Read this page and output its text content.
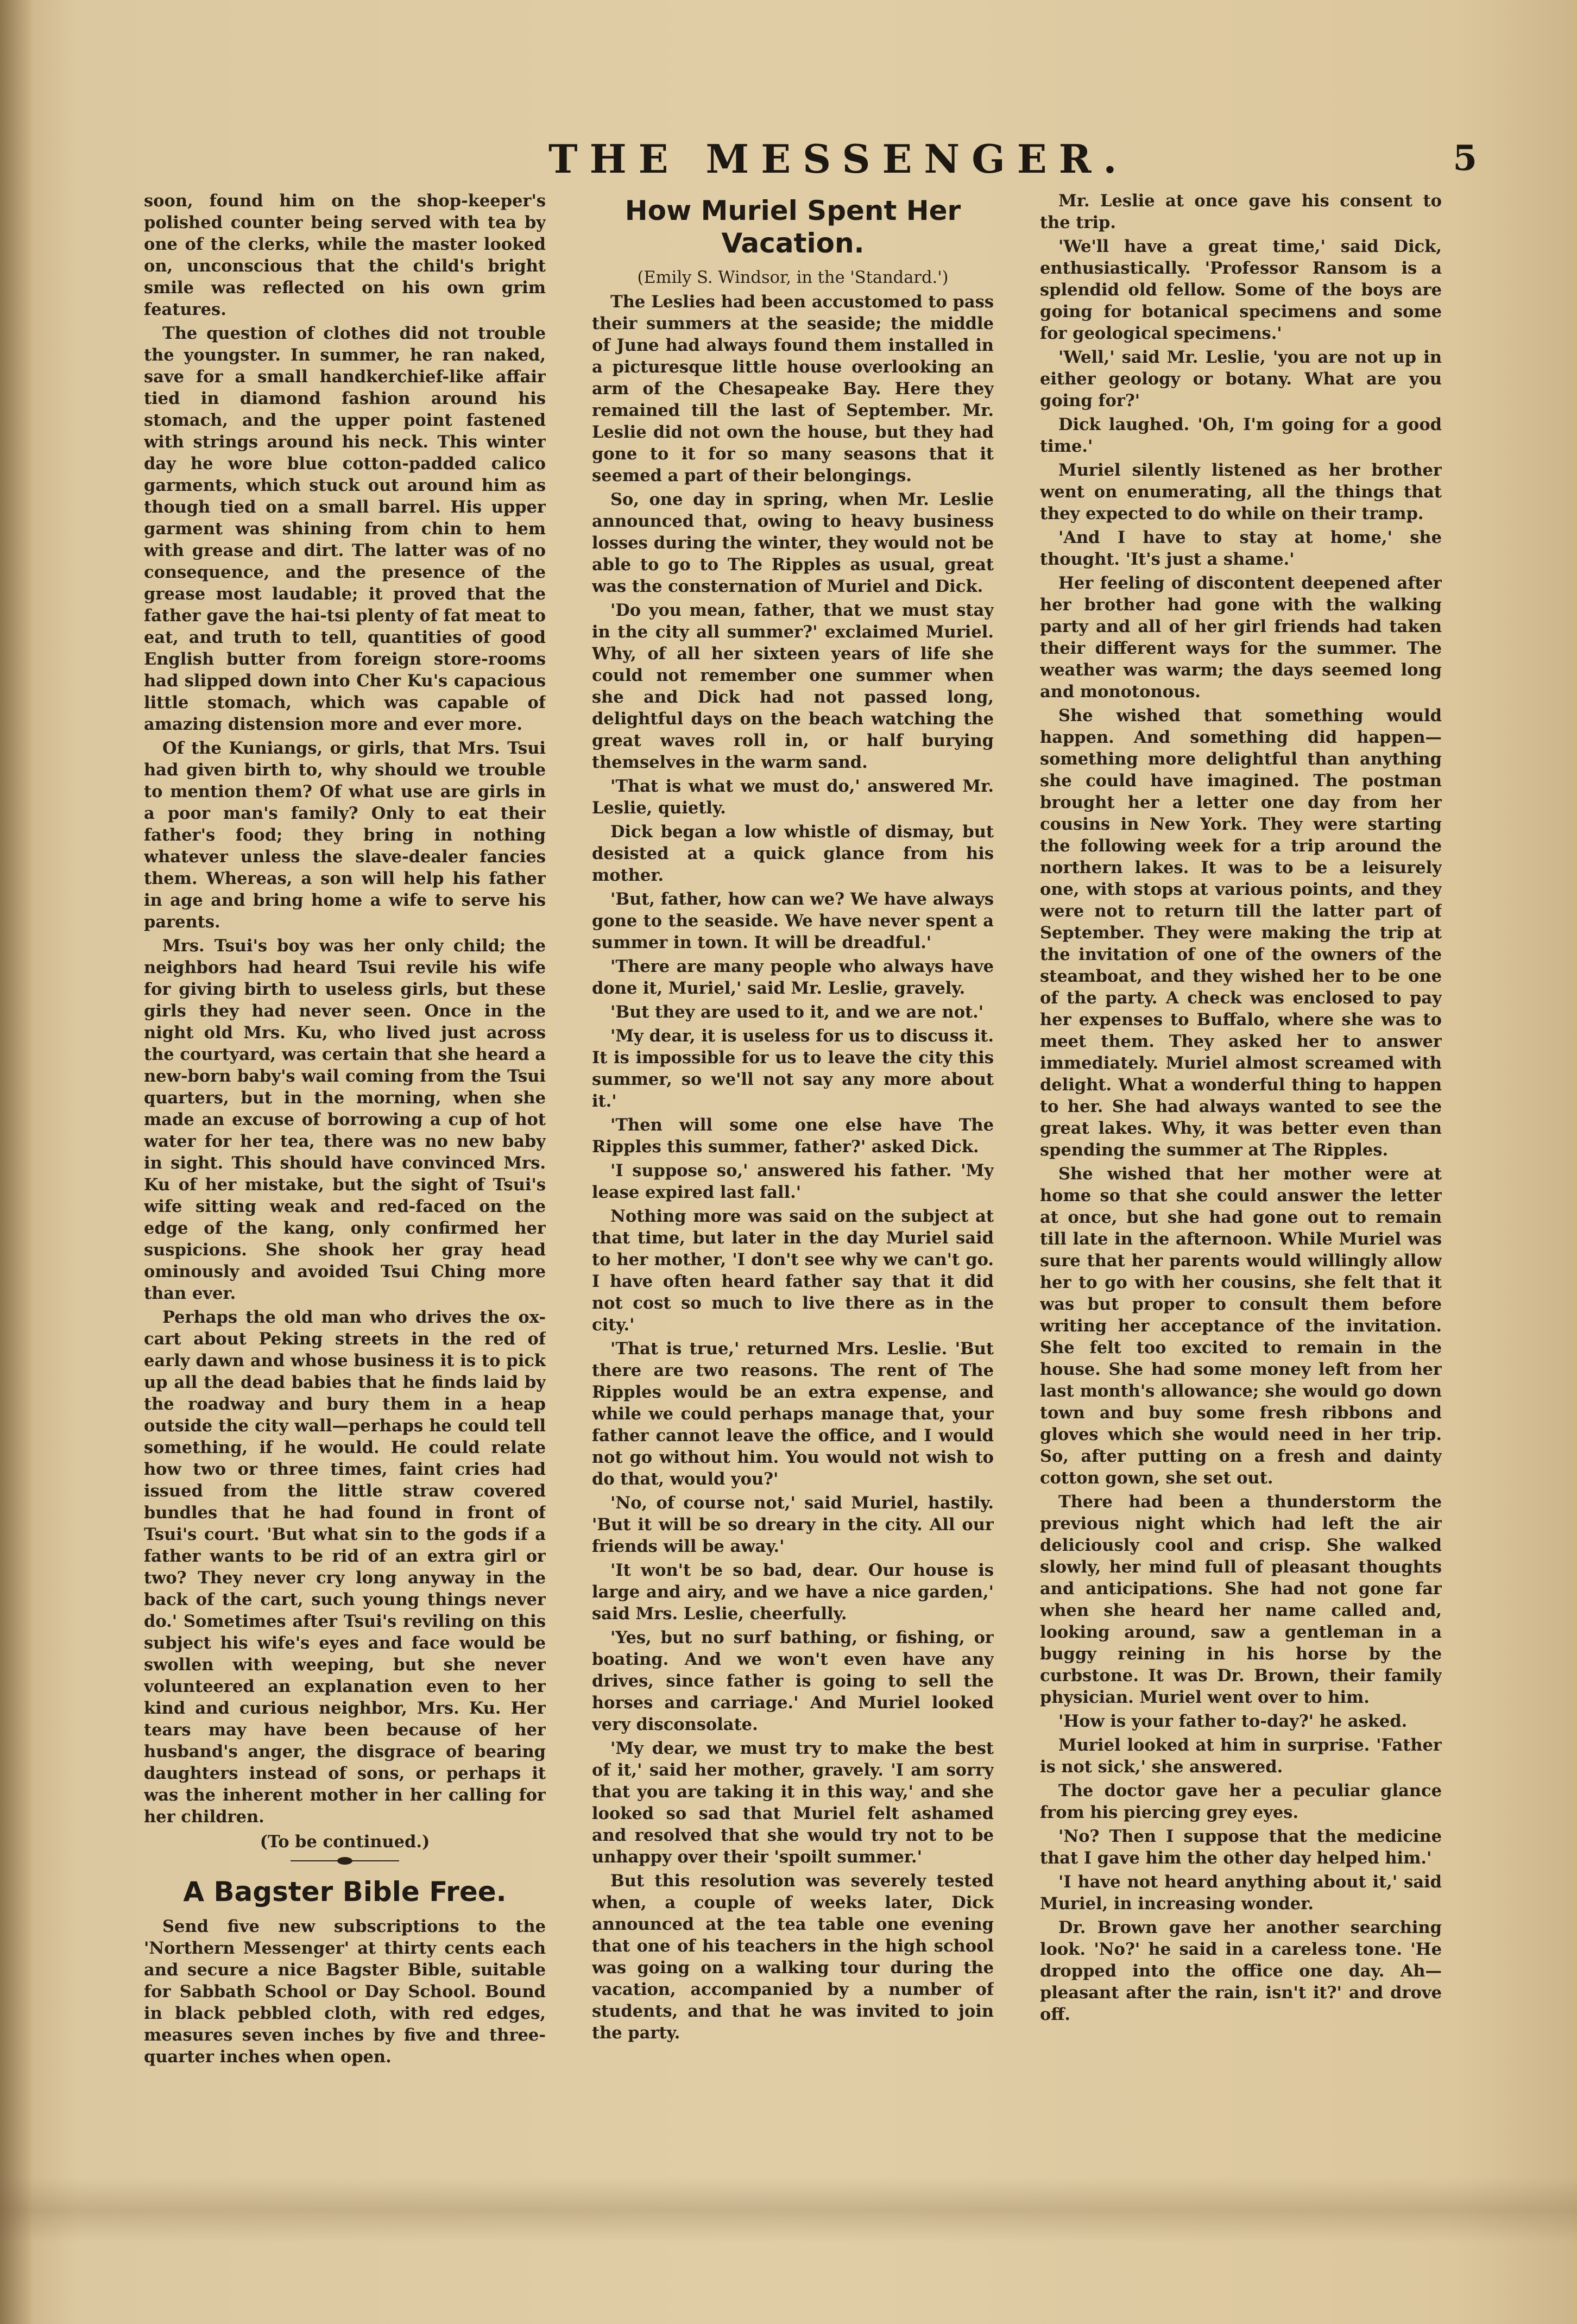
THE MESSENGER.	5

soon, found him on the shop-keeper's polished counter being served with tea by one of the clerks, while the master looked on, unconscious that the child's bright smile was reflected on his own grim features.

The question of clothes did not trouble the youngster. In summer, he ran naked, save for a small handkerchief-like affair tied in diamond fashion around his stomach, and the upper point fastened with strings around his neck. This winter day he wore blue cotton-padded calico garments, which stuck out around him as though tied on a small barrel. His upper garment was shining from chin to hem with grease and dirt. The latter was of no consequence, and the presence of the grease most laudable; it proved that the father gave the hai-tsi plenty of fat meat to eat, and truth to tell, quantities of good English butter from foreign store-rooms had slipped down into Cher Ku's capacious little stomach, which was capable of amazing distension more and ever more.

Of the Kuniangs, or girls, that Mrs. Tsui had given birth to, why should we trouble to mention them? Of what use are girls in a poor man's family? Only to eat their father's food; they bring in nothing whatever unless the slave-dealer fancies them. Whereas, a son will help his father in age and bring home a wife to serve his parents.

Mrs. Tsui's boy was her only child; the neighbors had heard Tsui revile his wife for giving birth to useless girls, but these girls they had never seen. Once in the night old Mrs. Ku, who lived just across the courtyard, was certain that she heard a new-born baby's wail coming from the Tsui quarters, but in the morning, when she made an excuse of borrowing a cup of hot water for her tea, there was no new baby in sight. This should have convinced Mrs. Ku of her mistake, but the sight of Tsui's wife sitting weak and red-faced on the edge of the kang, only confirmed her suspicions. She shook her gray head ominously and avoided Tsui Ching more than ever.

Perhaps the old man who drives the ox-cart about Peking streets in the red of early dawn and whose business it is to pick up all the dead babies that he finds laid by the roadway and bury them in a heap outside the city wall—perhaps he could tell something, if he would. He could relate how two or three times, faint cries had issued from the little straw covered bundles that he had found in front of Tsui's court. 'But what sin to the gods if a father wants to be rid of an extra girl or two? They never cry long anyway in the back of the cart, such young things never do.' Sometimes after Tsui's reviling on this subject his wife's eyes and face would be swollen with weeping, but she never volunteered an explanation even to her kind and curious neighbor, Mrs. Ku. Her tears may have been because of her husband's anger, the disgrace of bearing daughters instead of sons, or perhaps it was the inherent mother in her calling for her children.

(To be continued.)

A Bagster Bible Free.

Send five new subscriptions to the 'Northern Messenger' at thirty cents each and secure a nice Bagster Bible, suitable for Sabbath School or Day School. Bound in black pebbled cloth, with red edges, measures seven inches by five and three-quarter inches when open.

How Muriel Spent Her Vacation.

(Emily S. Windsor, in the 'Standard.')

The Leslies had been accustomed to pass their summers at the seaside; the middle of June had always found them installed in a picturesque little house overlooking an arm of the Chesapeake Bay. Here they remained till the last of September. Mr. Leslie did not own the house, but they had gone to it for so many seasons that it seemed a part of their belongings.

So, one day in spring, when Mr. Leslie announced that, owing to heavy business losses during the winter, they would not be able to go to The Ripples as usual, great was the consternation of Muriel and Dick.

'Do you mean, father, that we must stay in the city all summer?' exclaimed Muriel. Why, of all her sixteen years of life she could not remember one summer when she and Dick had not passed long, delightful days on the beach watching the great waves roll in, or half burying themselves in the warm sand.

'That is what we must do,' answered Mr. Leslie, quietly.

Dick began a low whistle of dismay, but desisted at a quick glance from his mother.

'But, father, how can we? We have always gone to the seaside. We have never spent a summer in town. It will be dreadful.'

'There are many people who always have done it, Muriel,' said Mr. Leslie, gravely.

'But they are used to it, and we are not.'

'My dear, it is useless for us to discuss it. It is impossible for us to leave the city this summer, so we'll not say any more about it.'

'Then will some one else have The Ripples this summer, father?' asked Dick.

'I suppose so,' answered his father. 'My lease expired last fall.'

Nothing more was said on the subject at that time, but later in the day Muriel said to her mother, 'I don't see why we can't go. I have often heard father say that it did not cost so much to live there as in the city.'

'That is true,' returned Mrs. Leslie. 'But there are two reasons. The rent of The Ripples would be an extra expense, and while we could perhaps manage that, your father cannot leave the office, and I would not go without him. You would not wish to do that, would you?'

'No, of course not,' said Muriel, hastily. 'But it will be so dreary in the city. All our friends will be away.'

'It won't be so bad, dear. Our house is large and airy, and we have a nice garden,' said Mrs. Leslie, cheerfully.

'Yes, but no surf bathing, or fishing, or boating. And we won't even have any drives, since father is going to sell the horses and carriage.' And Muriel looked very disconsolate.

'My dear, we must try to make the best of it,' said her mother, gravely. 'I am sorry that you are taking it in this way,' and she looked so sad that Muriel felt ashamed and resolved that she would try not to be unhappy over their 'spoilt summer.'

But this resolution was severely tested when, a couple of weeks later, Dick announced at the tea table one evening that one of his teachers in the high school was going on a walking tour during the vacation, accompanied by a number of students, and that he was invited to join the party.

Mr. Leslie at once gave his consent to the trip.

'We'll have a great time,' said Dick, enthusiastically. 'Professor Ransom is a splendid old fellow. Some of the boys are going for botanical specimens and some for geological specimens.'

'Well,' said Mr. Leslie, 'you are not up in either geology or botany. What are you going for?'

Dick laughed. 'Oh, I'm going for a good time.'

Muriel silently listened as her brother went on enumerating, all the things that they expected to do while on their tramp.

'And I have to stay at home,' she thought. 'It's just a shame.'

Her feeling of discontent deepened after her brother had gone with the walking party and all of her girl friends had taken their different ways for the summer. The weather was warm; the days seemed long and monotonous.

She wished that something would happen. And something did happen—something more delightful than anything she could have imagined. The postman brought her a letter one day from her cousins in New York. They were starting the following week for a trip around the northern lakes. It was to be a leisurely one, with stops at various points, and they were not to return till the latter part of September. They were making the trip at the invitation of one of the owners of the steamboat, and they wished her to be one of the party. A check was enclosed to pay her expenses to Buffalo, where she was to meet them. They asked her to answer immediately. Muriel almost screamed with delight. What a wonderful thing to happen to her. She had always wanted to see the great lakes. Why, it was better even than spending the summer at The Ripples.

She wished that her mother were at home so that she could answer the letter at once, but she had gone out to remain till late in the afternoon. While Muriel was sure that her parents would willingly allow her to go with her cousins, she felt that it was but proper to consult them before writing her acceptance of the invitation. She felt too excited to remain in the house. She had some money left from her last month's allowance; she would go down town and buy some fresh ribbons and gloves which she would need in her trip. So, after putting on a fresh and dainty cotton gown, she set out.

There had been a thunderstorm the previous night which had left the air deliciously cool and crisp. She walked slowly, her mind full of pleasant thoughts and anticipations. She had not gone far when she heard her name called and, looking around, saw a gentleman in a buggy reining in his horse by the curbstone. It was Dr. Brown, their family physician. Muriel went over to him.

'How is your father to-day?' he asked.

Muriel looked at him in surprise. 'Father is not sick,' she answered.

The doctor gave her a peculiar glance from his piercing grey eyes.

'No? Then I suppose that the medicine that I gave him the other day helped him.'

'I have not heard anything about it,' said Muriel, in increasing wonder.

Dr. Brown gave her another searching look. 'No?' he said in a careless tone. 'He dropped into the office one day. Ah—pleasant after the rain, isn't it?' and drove off.
